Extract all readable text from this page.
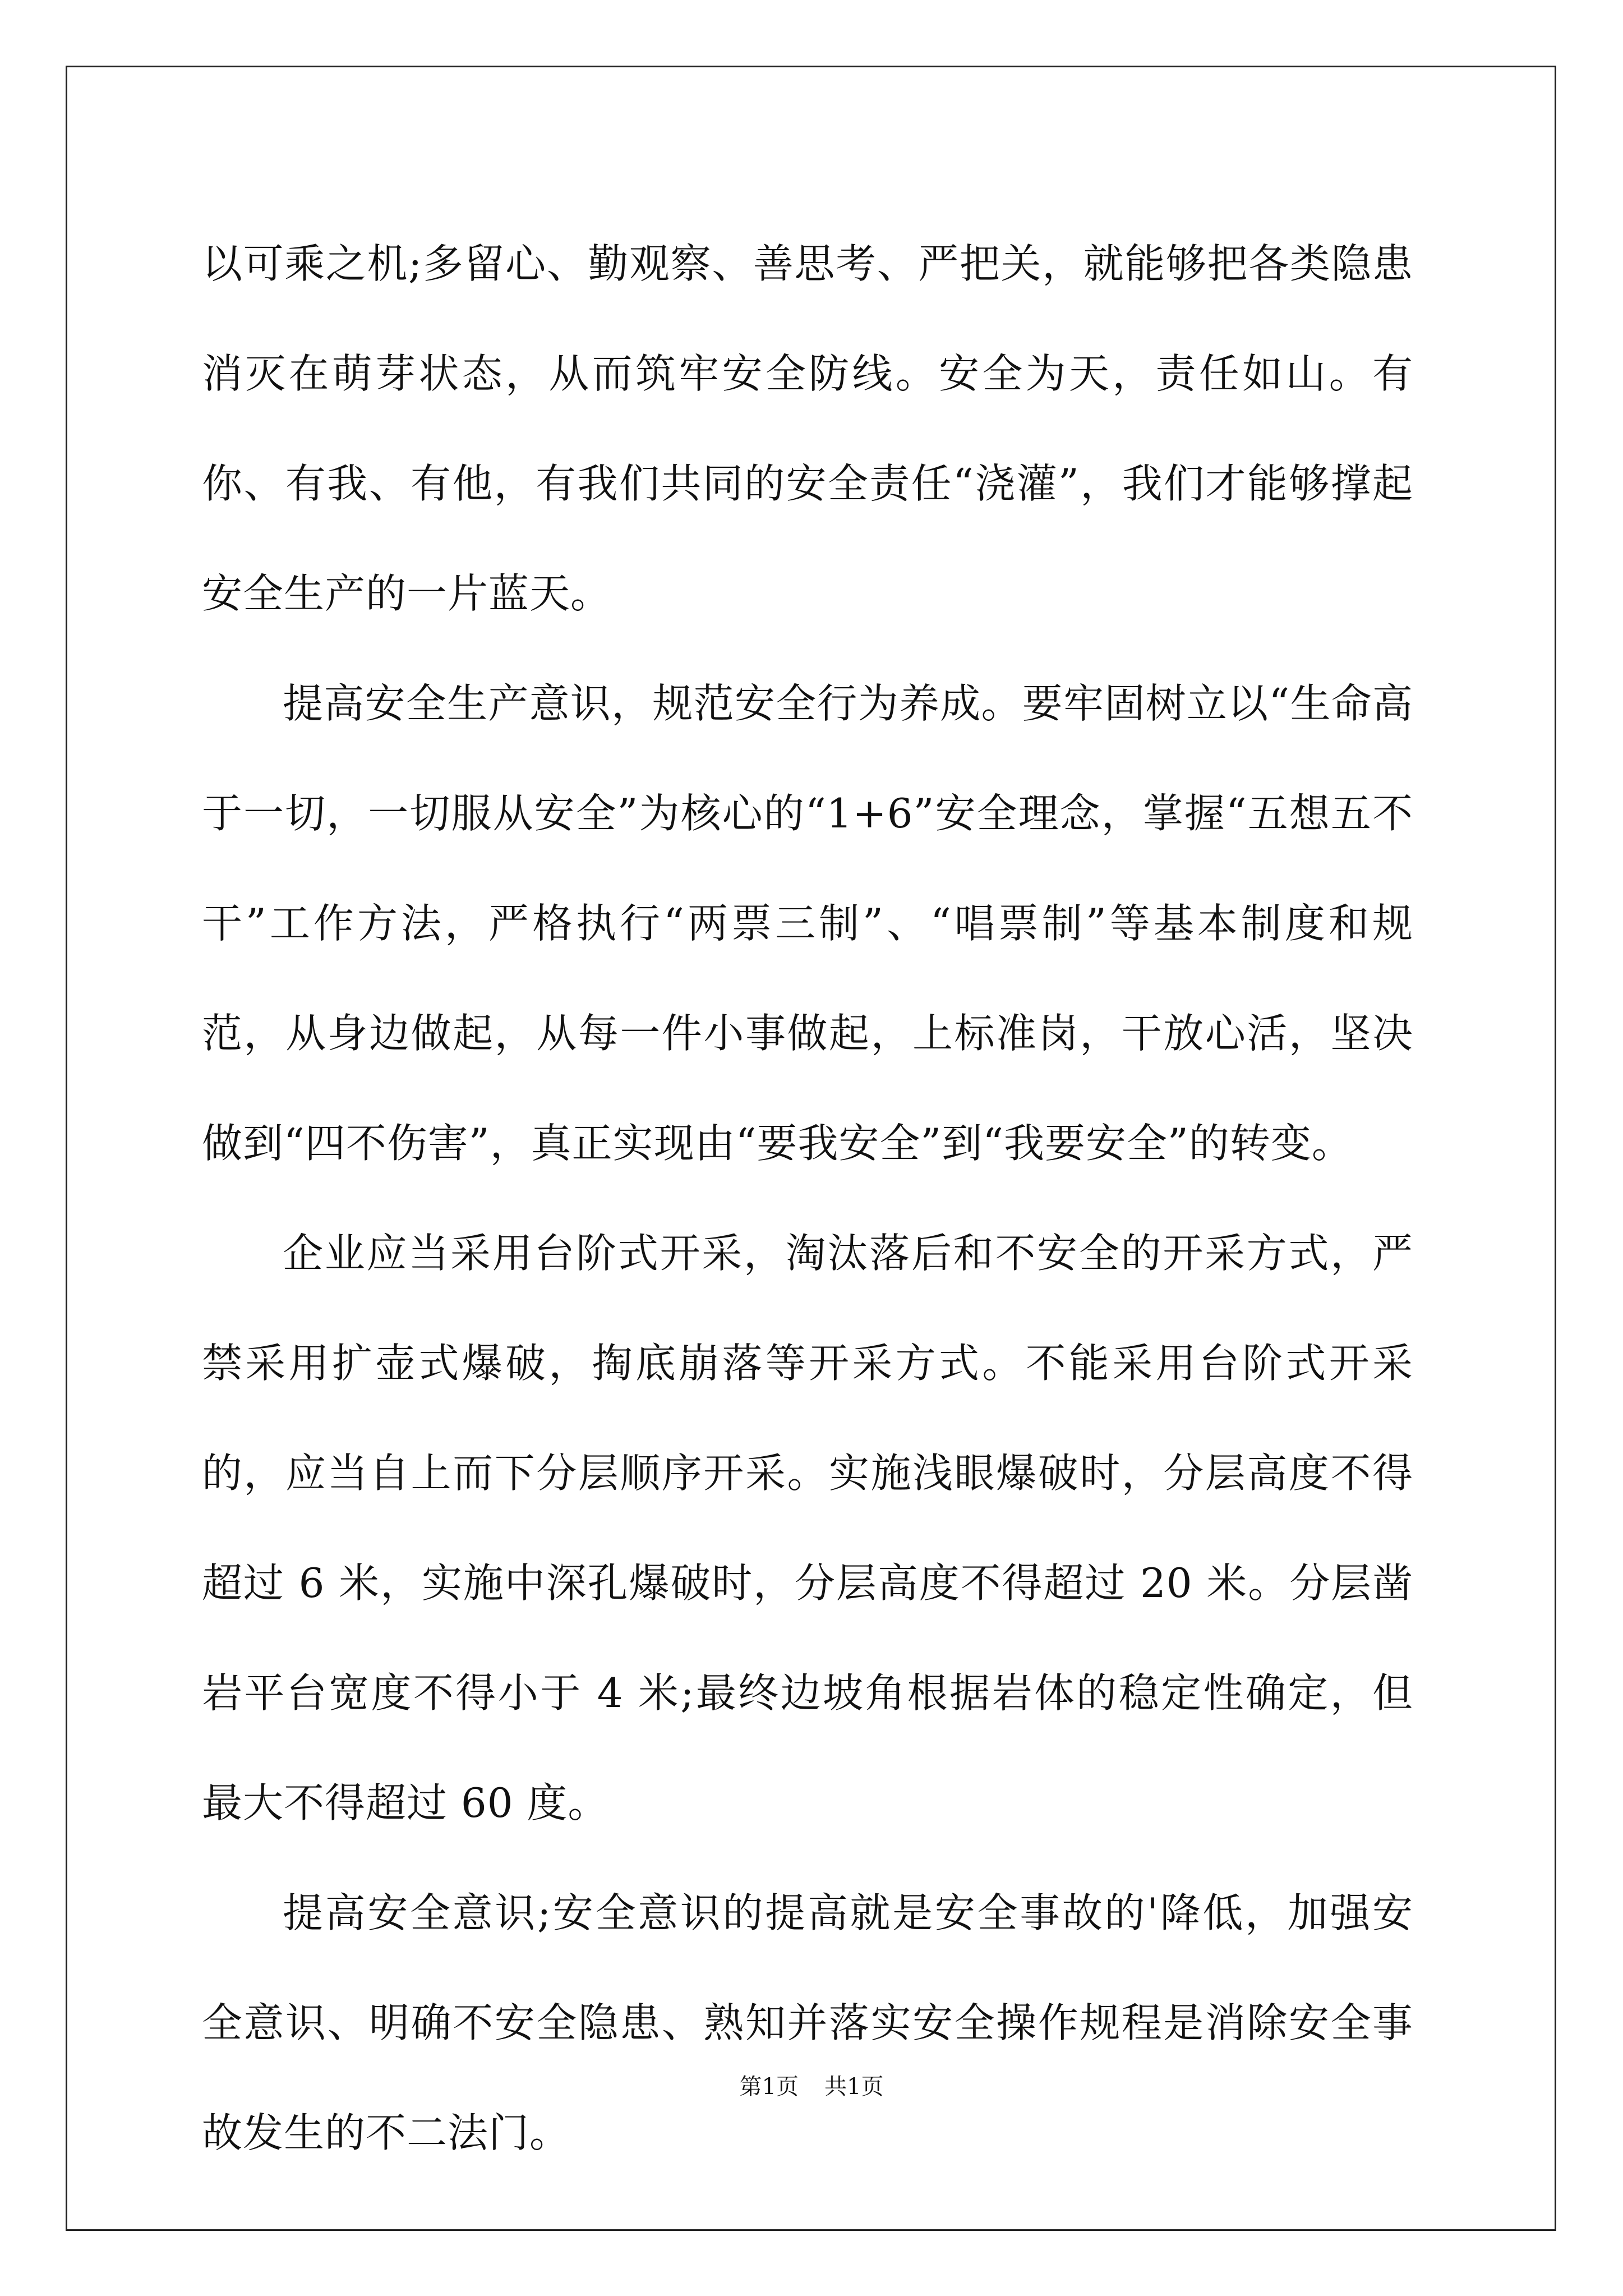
以可乘之机;多留心、勤观察、善思考、严把关，就能够把各类隐患消灭在萌芽状态，从而筑牢安全防线。安全为天，责任如山。有你、有我、有他，有我们共同的安全责任“浇灌”，我们才能够撑起安全生产的一片蓝天。

提高安全生产意识，规范安全行为养成。要牢固树立以“生命高于一切，一切服从安全”为核心的“1+6”安全理念，掌握“五想五不干”工作方法，严格执行“两票三制”、“唱票制”等基本制度和规范，从身边做起，从每一件小事做起，上标准岗，干放心活，坚决做到“四不伤害”，真正实现由“要我安全”到“我要安全”的转变。

企业应当采用台阶式开采，淘汰落后和不安全的开采方式，严禁采用扩壶式爆破，掏底崩落等开采方式。不能采用台阶式开采的，应当自上而下分层顺序开采。实施浅眼爆破时，分层高度不得超过 6 米，实施中深孔爆破时，分层高度不得超过 20 米。分层凿岩平台宽度不得小于 4 米;最终边坡角根据岩体的稳定性确定，但最大不得超过 60 度。

提高安全意识;安全意识的提高就是安全事故的'降低，加强安全意识、明确不安全隐患、熟知并落实安全操作规程是消除安全事故发生的不二法门。

第1页 共1页
